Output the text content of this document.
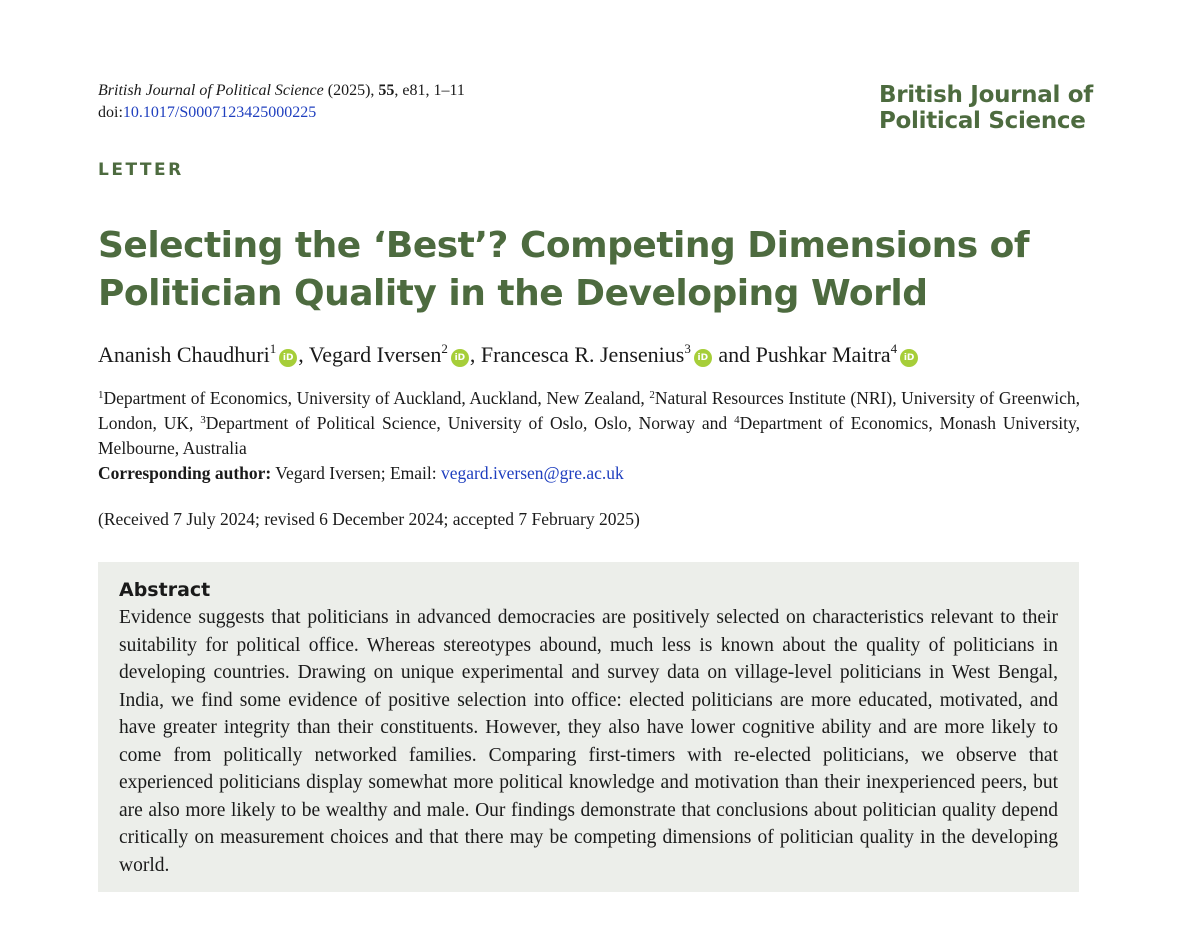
British Journal of Political Science (2025), 55, e81, 1–11
doi:10.1017/S0007123425000225
British Journal of
Political Science
LETTER
Selecting the ‘Best’? Competing Dimensions of Politician Quality in the Developing World
Ananish Chaudhuri$^1$iD , Vegard Iversen$^2$iD , Francesca R. Jensenius$^3$iD and Pushkar Maitra$^4$iD
$^1$Department of Economics, University of Auckland, Auckland, New Zealand, $^2$Natural Resources Institute (NRI), University of Greenwich, London, UK, $^3$Department of Political Science, University of Oslo, Oslo, Norway and $^4$Department of Economics, Monash University, Melbourne, Australia
Corresponding author: Vegard Iversen; Email: vegard.iversen@gre.ac.uk
(Received 7 July 2024; revised 6 December 2024; accepted 7 February 2025)
Abstract

Evidence suggests that politicians in advanced democracies are positively selected on characteristics relevant to their suitability for political office. Whereas stereotypes abound, much less is known about the quality of politicians in developing countries. Drawing on unique experimental and survey data on village-level politicians in West Bengal, India, we find some evidence of positive selection into office: elected politicians are more educated, motivated, and have greater integrity than their constituents. However, they also have lower cognitive ability and are more likely to come from politically networked families. Comparing first-timers with re-elected politicians, we observe that experienced politicians display somewhat more political knowledge and motivation than their inexperienced peers, but are also more likely to be wealthy and male. Our findings demonstrate that conclusions about politician quality depend critically on measurement choices and that there may be competing dimensions of politician quality in the developing world.
